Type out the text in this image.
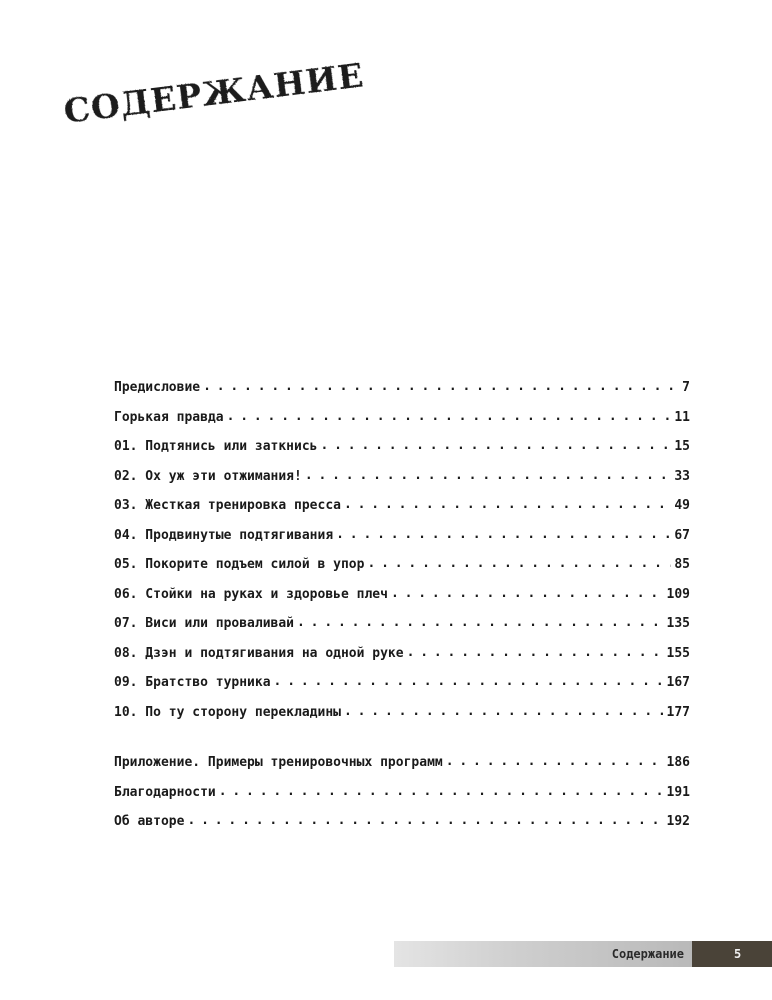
СОДЕРЖАНИЕ
Предисловие . . .	7
Горькая правда . . .	11
01. Подтянись или заткнись . . .	15
02. Ох уж эти отжимания! . . .	33
03. Жесткая тренировка пресса . . .	49
04. Продвинутые подтягивания . . .	67
05. Покорите подъем силой в упор . . .	85
06. Стойки на руках и здоровье плеч . . .	109
07. Виси или проваливай . . .	135
08. Дзэн и подтягивания на одной руке . . .	155
09. Братство турника . . .	167
10. По ту сторону перекладины . . .	177
Приложение. Примеры тренировочных программ . . .	186
Благодарности . . .	191
Об авторе . . .	192
Содержание	5
